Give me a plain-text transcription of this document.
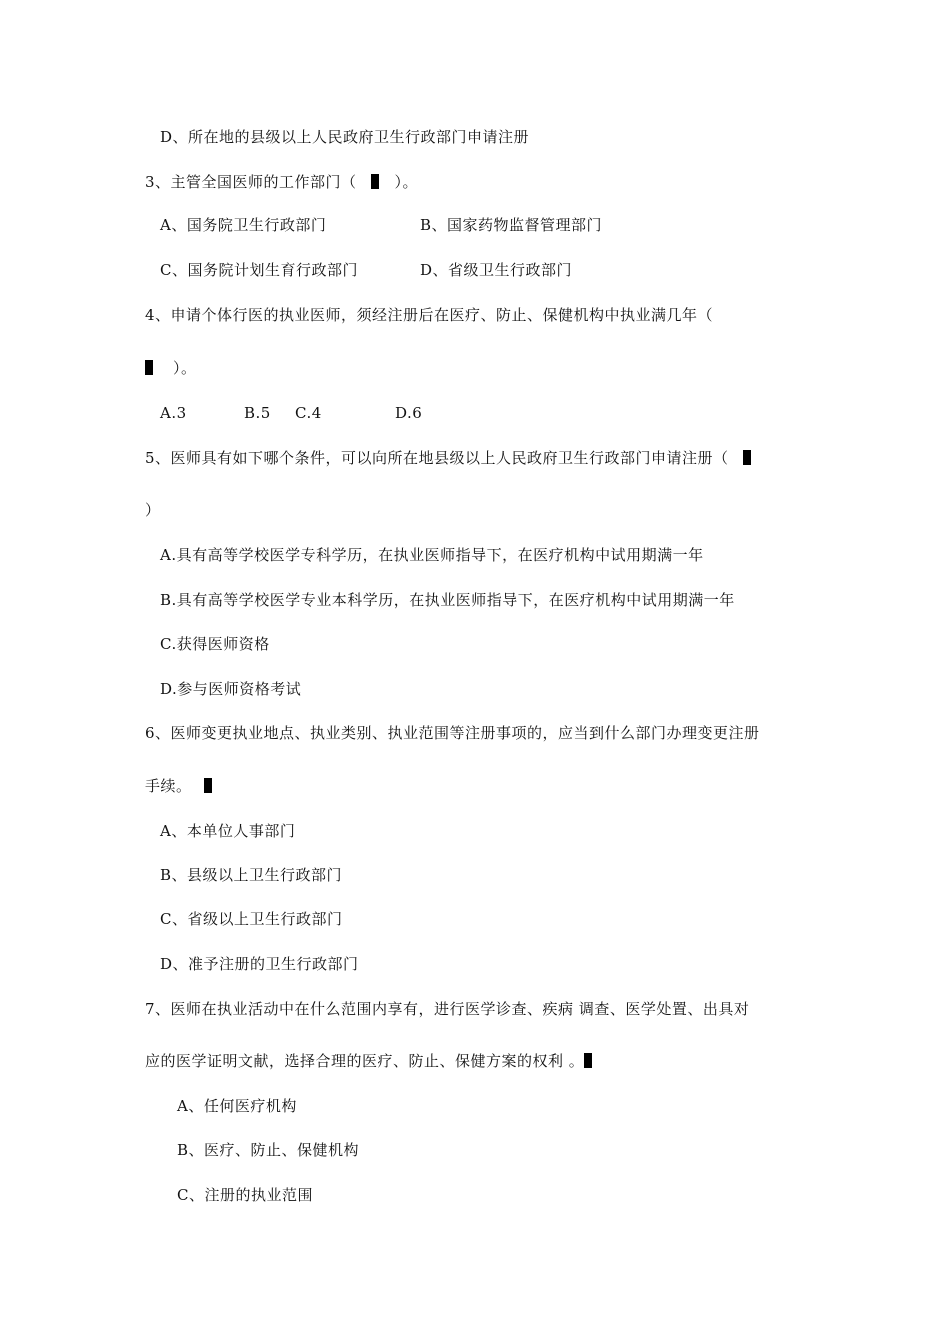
D、所在地的县级以上人民政府卫生行政部门申请注册
3、主管全国医师的工作部门（	）。
A、国务院卫生行政部门	B、国家药物监督管理部门
C、国务院计划生育行政部门	D、省级卫生行政部门
4、申请个体行医的执业医师，须经注册后在医疗、防止、保健机构中执业满几年（
）。
A.3	B.5 C.4	D.6
5、医师具有如下哪个条件，可以向所在地县级以上人民政府卫生行政部门申请注册（
）
A.具有高等学校医学专科学历，在执业医师指导下，在医疗机构中试用期满一年
B.具有高等学校医学专业本科学历，在执业医师指导下，在医疗机构中试用期满一年
C.获得医师资格
D.参与医师资格考试
6、医师变更执业地点、执业类别、执业范围等注册事项的，应当到什么部门办理变更注册
手续。
A、本单位人事部门
B、县级以上卫生行政部门
C、省级以上卫生行政部门
D、准予注册的卫生行政部门
7、医师在执业活动中在什么范围内享有，进行医学诊查、疾病 调查、医学处置、出具对
应的医学证明文献，选择合理的医疗、防止、保健方案的权利 。
A、任何医疗机构
B、医疗、防止、保健机构
C、注册的执业范围
